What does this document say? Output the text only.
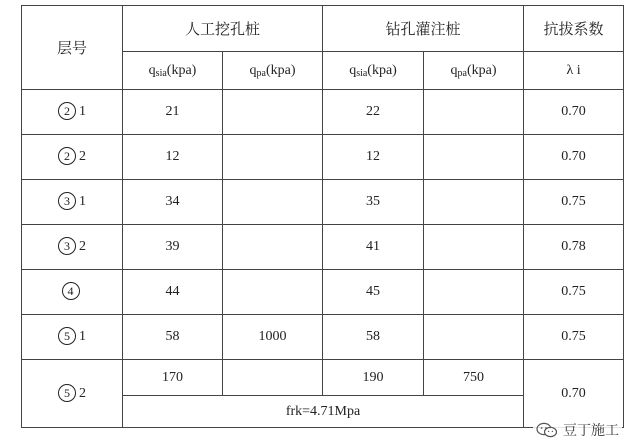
层号	人工挖孔桩		钻孔灌注桩		抗拔系数
	qsia(kpa)	qpa(kpa)	qsia(kpa)	qpa(kpa)	λ i
2 1	21		22		0.70
2 2	12		12		0.70
3 1	34		35		0.75
3 2	39		41		0.78
4	44		45		0.75
5 1	58	1000	58		0.75
5 2	170		190	750	0.70
	frk=4.71Mpa				
豆丁施工
